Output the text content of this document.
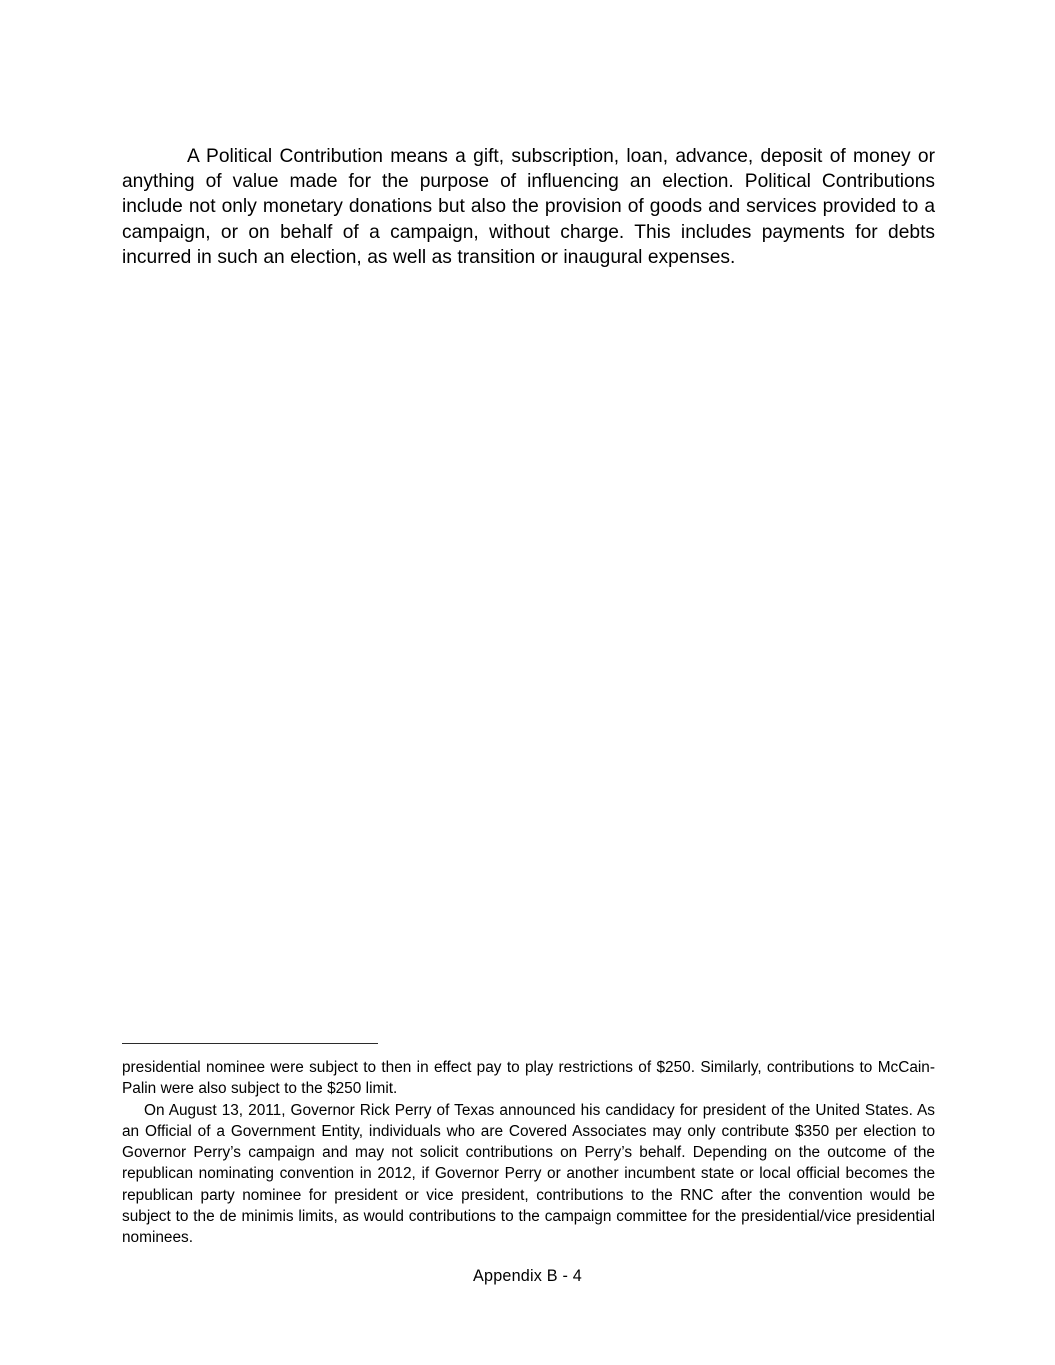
A Political Contribution means a gift, subscription, loan, advance, deposit of money or anything of value made for the purpose of influencing an election. Political Contributions include not only monetary donations but also the provision of goods and services provided to a campaign, or on behalf of a campaign, without charge. This includes payments for debts incurred in such an election, as well as transition or inaugural expenses.

presidential nominee were subject to then in effect pay to play restrictions of $250. Similarly, contributions to McCain-Palin were also subject to the $250 limit.

On August 13, 2011, Governor Rick Perry of Texas announced his candidacy for president of the United States. As an Official of a Government Entity, individuals who are Covered Associates may only contribute $350 per election to Governor Perry’s campaign and may not solicit contributions on Perry’s behalf. Depending on the outcome of the republican nominating convention in 2012, if Governor Perry or another incumbent state or local official becomes the republican party nominee for president or vice president, contributions to the RNC after the convention would be subject to the de minimis limits, as would contributions to the campaign committee for the presidential/vice presidential nominees.

Appendix B - 4
